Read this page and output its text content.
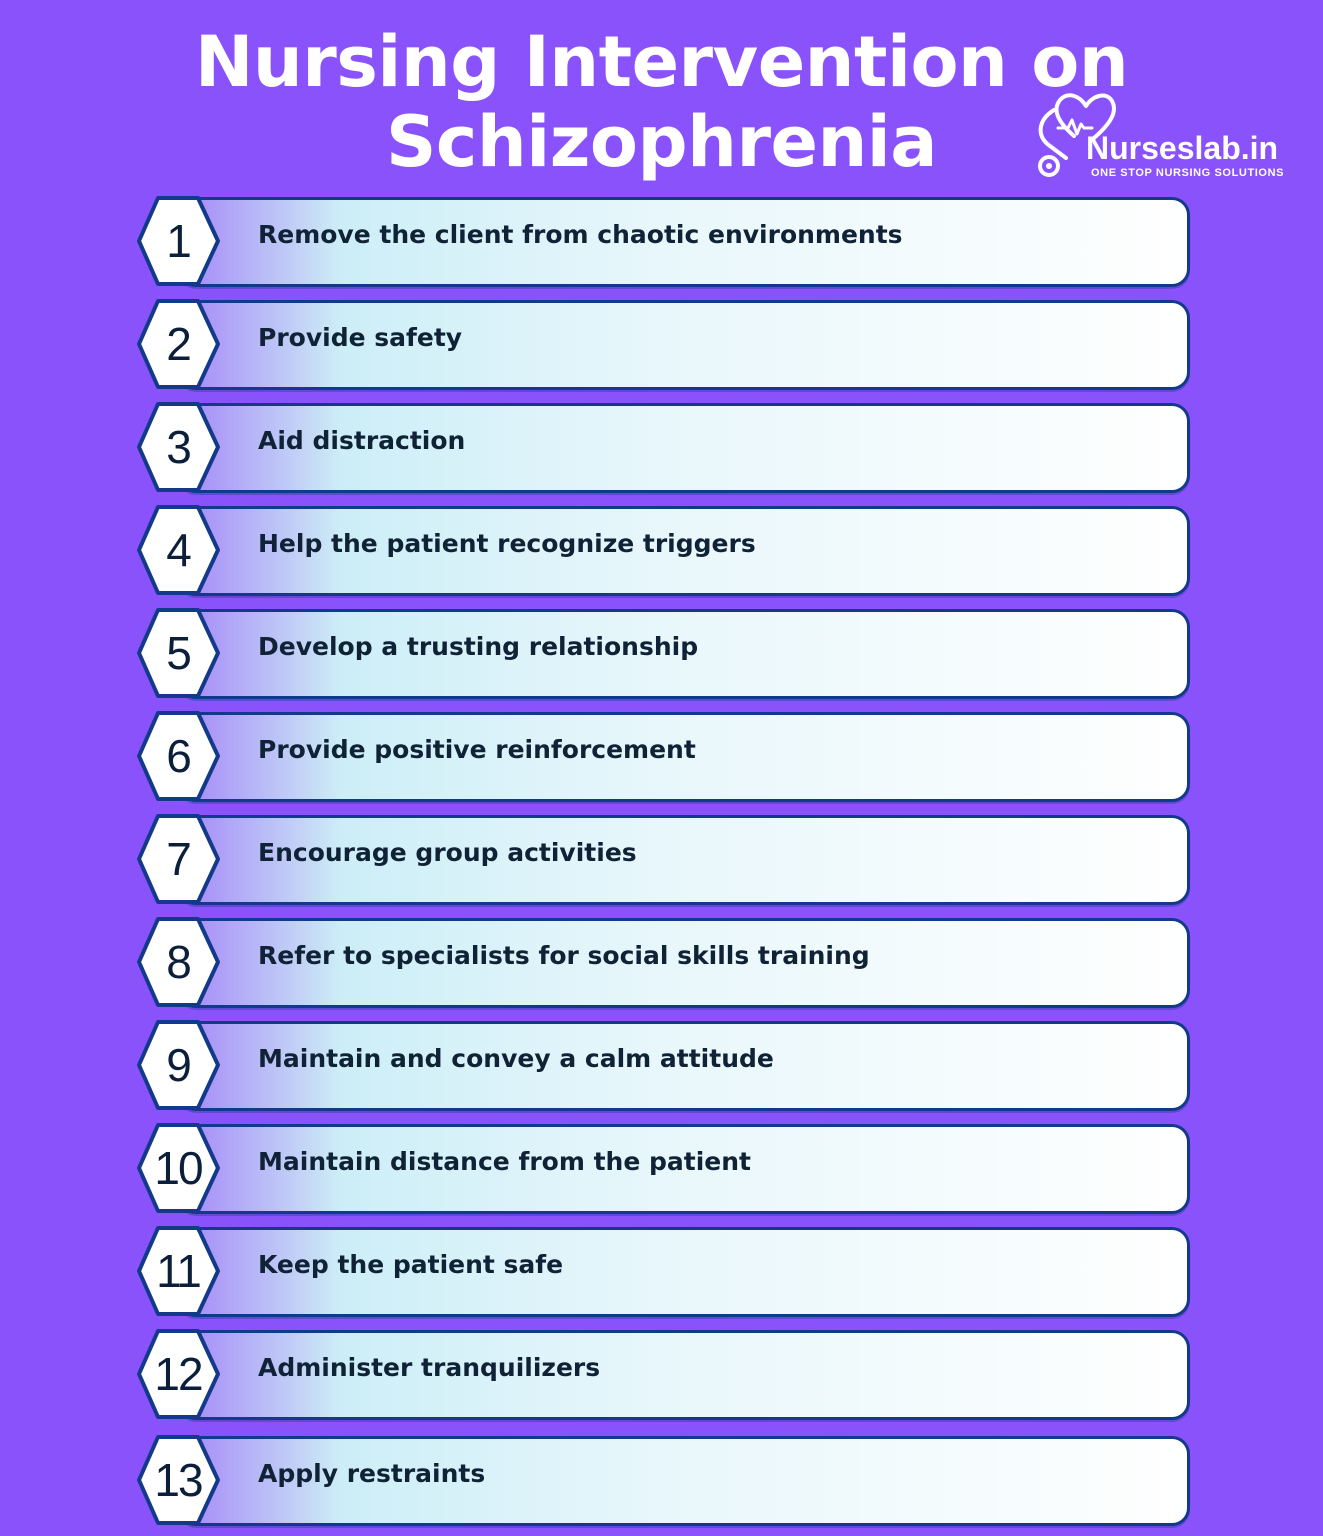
Nursing Intervention on
Schizophrenia	Nurseslab.in
ONE STOP NURSING SOLUTIONS
1	Remove the client from chaotic environments
2	Provide safety
3	Aid distraction
4	Help the patient recognize triggers
5	Develop a trusting relationship
6	Provide positive reinforcement
7	Encourage group activities
8	Refer to specialists for social skills training
9	Maintain and convey a calm attitude
10	Maintain distance from the patient
11	Keep the patient safe
12	Administer tranquilizers
13	Apply restraints
